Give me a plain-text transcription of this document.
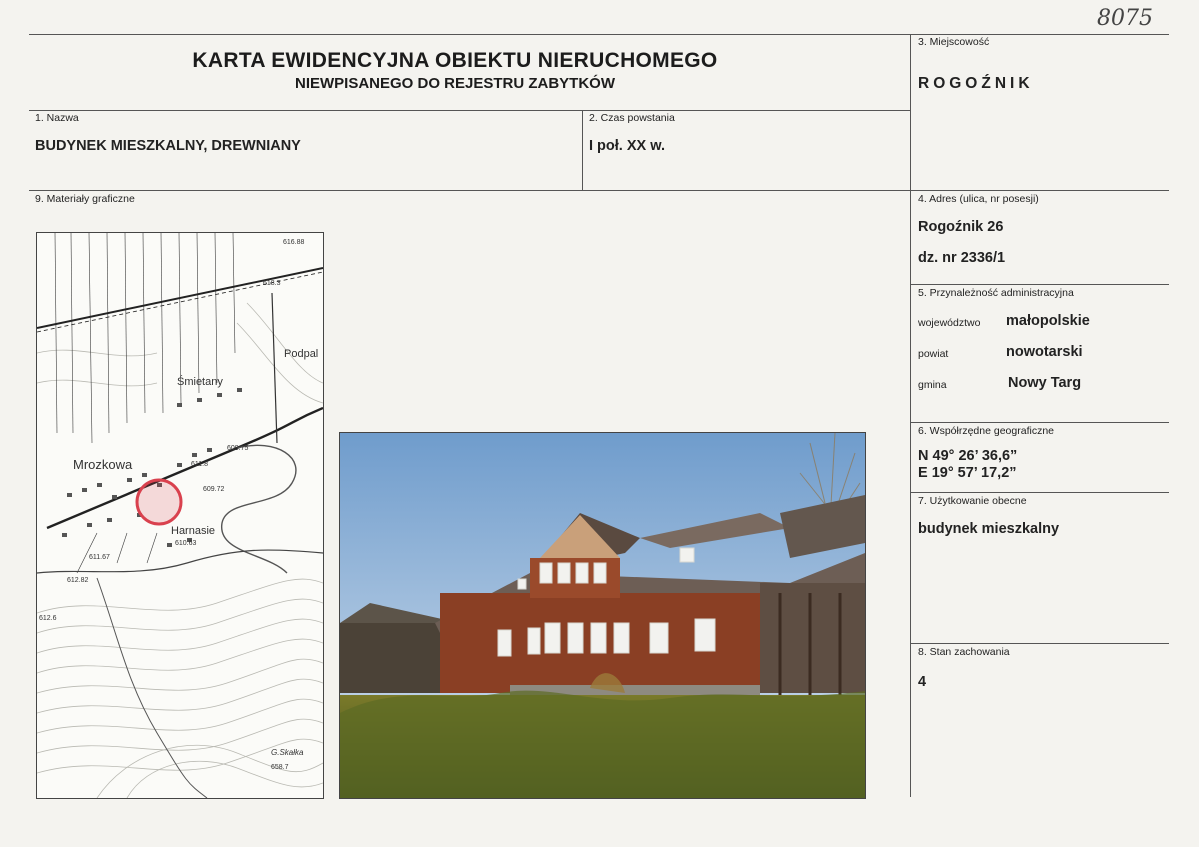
8075
KARTA EWIDENCYJNA OBIEKTU NIERUCHOMEGO
NIEWPISANEGO DO REJESTRU ZABYTKÓW
3. Miejscowość
ROGOŹNIK
1. Nazwa
BUDYNEK MIESZKALNY, DREWNIANY
2. Czas powstania
I poł. XX w.
9. Materiały graficzne	4. Adres (ulica, nr posesji)
Rogoźnik 26
dz. nr 2336/1
5. Przynależność administracyjna
województwo małopolskie
powiat	nowotarski
gmina	Nowy Targ
6. Współrzędne geograficzne
N 49° 26’ 36,6”
E 19° 57’ 17,2”
7. Użytkowanie obecne
budynek mieszkalny
8. Stan zachowania
4
Mrozkowa
Śmietany
Harnasie
Podpal
G.Skałka
616.88
618.3
609.75
609.72
611.8
610.63
611.67
612.82
612.6
658.7
